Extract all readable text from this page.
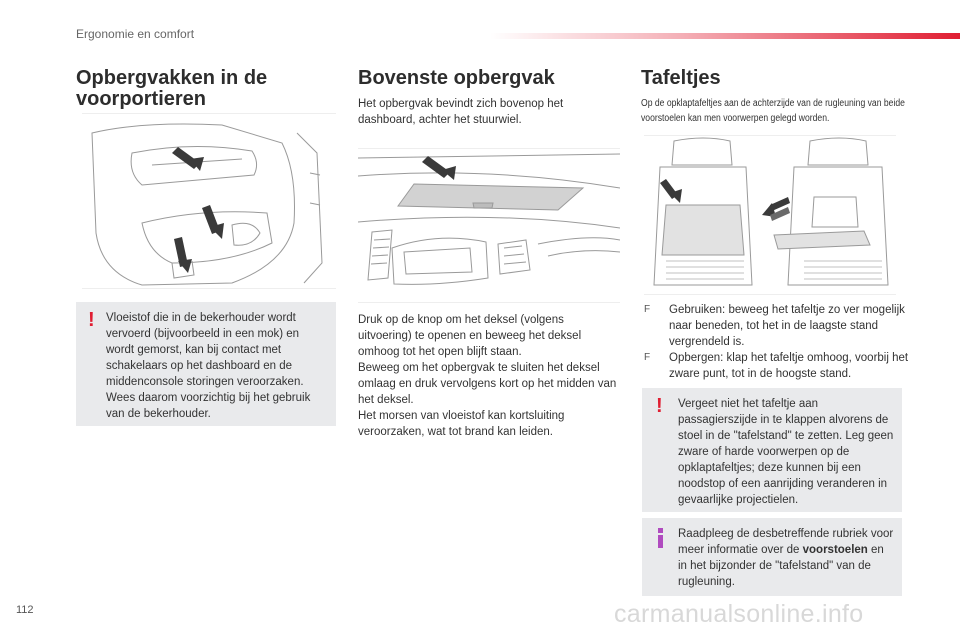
Ergonomie en comfort
Opbergvakken in de voorportieren
! Vloeistof die in de bekerhouder wordt vervoerd (bijvoorbeeld in een mok) en wordt gemorst, kan bij contact met schakelaars op het dashboard en de middenconsole storingen veroorzaken. Wees daarom voorzichtig bij het gebruik van de bekerhouder.
Bovenste opbergvak

Het opbergvak bevindt zich bovenop het dashboard, achter het stuurwiel.

Druk op de knop om het deksel (volgens uitvoering) te openen en beweeg het deksel omhoog tot het open blijft staan.

Beweeg om het opbergvak te sluiten het deksel omlaag en druk vervolgens kort op het midden van het deksel.

Het morsen van vloeistof kan kortsluiting veroorzaken, wat tot brand kan leiden.

Tafeltjes

Op de opklaptafeltjes aan de achterzijde van de rugleuning van beide voorstoelen kan men voorwerpen gelegd worden.

F Gebruiken: beweeg het tafeltje zo ver mogelijk naar beneden, tot het in de laagste stand vergrendeld is.
F Opbergen: klap het tafeltje omhoog, voorbij het zware punt, tot in de hoogste stand.
! Vergeet niet het tafeltje aan passagierszijde in te klappen alvorens de stoel in de "tafelstand" te zetten. Leg geen zware of harde voorwerpen op de opklaptafeltjes; deze kunnen bij een noodstop of een aanrijding veranderen in gevaarlijke projectielen.
Raadpleeg de desbetreffende rubriek voor meer informatie over de voorstoelen en in het bijzonder de "tafelstand" van de rugleuning.
112	carmanualsonline.info
